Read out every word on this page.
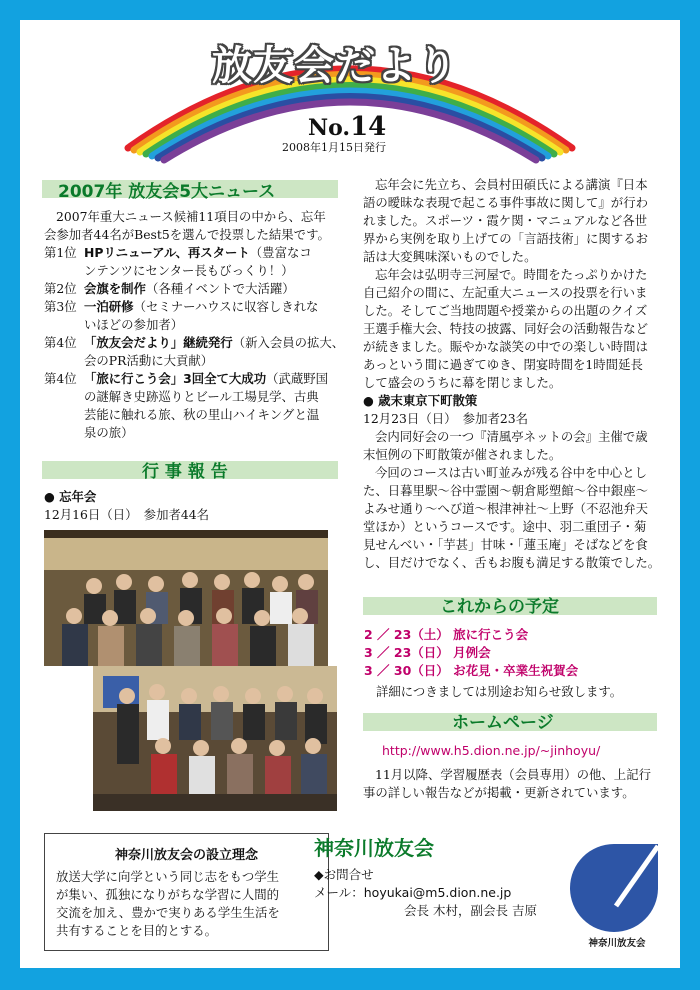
放友会だより
No.14
2008年1月15日発行
2007年 放友会5大ニュース
2007年重大ニュース候補11項目の中から、忘年
会参加者44名がBest5を選んで投票した結果です。
第1位 HPリニューアル、再スタート（豊富なコ
ンテンツにセンター長もびっくり！）
第2位 会旗を制作（各種イベントで大活躍）
第3位 一泊研修（セミナーハウスに収容しきれな
いほどの参加者）
第4位 「放友会だより」継続発行（新入会員の拡大、
会のPR活動に大貢献）
第4位 「旅に行こう会」3回全て大成功（武蔵野国
の謎解き史跡巡りとビール工場見学、古典
芸能に触れる旅、秋の里山ハイキングと温
泉の旅）
行 事 報 告
● 忘年会
12月16日（日）　参加者44名
忘年会に先立ち、会員村田碩氏による講演『日本
語の曖昧な表現で起こる事件事故に関して』が行わ
れました。スポーツ・霞ケ関・マニュアルなど各世
界から実例を取り上げての「言語技術」に関するお
話は大変興味深いものでした。
忘年会は弘明寺三河屋で。時間をたっぷりかけた
自己紹介の間に、左記重大ニュースの投票を行いま
した。そしてご当地問題や授業からの出題のクイズ
王選手権大会、特技の披露、同好会の活動報告など
が続きました。賑やかな談笑の中での楽しい時間は
あっという間に過ぎてゆき、閉宴時間を1時間延長
して盛会のうちに幕を閉じました。
● 歳末東京下町散策
12月23日（日）　参加者23名
会内同好会の一つ『清風亭ネットの会』主催で歳
末恒例の下町散策が催されました。
今回のコースは古い町並みが残る谷中を中心とし
た、日暮里駅〜谷中霊園〜朝倉彫塑館〜谷中銀座〜
よみせ通り〜へび道〜根津神社〜上野（不忍池弁天
堂ほか）というコースです。途中、羽二重団子・菊
見せんべい・「芋甚」甘味・「蓮玉庵」そばなどを食
し、目だけでなく、舌もお腹も満足する散策でした。
これからの予定
2 ／ 23（土） 旅に行こう会
3 ／ 23（日） 月例会
3 ／ 30（日） お花見・卒業生祝賀会
詳細につきましては別途お知らせ致します。
ホームページ
http://www.h5.dion.ne.jp/~jinhoyu/
11月以降、学習履歴表（会員専用）の他、上記行
事の詳しい報告などが掲載・更新されています。
神奈川放友会の設立理念
放送大学に向学という同じ志をもつ学生
が集い、孤独になりがちな学習に人間的
交流を加え、豊かで実りある学生生活を
共有することを目的とする。
神奈川放友会
◆お問合せ
メール：hoyukai@m5.dion.ne.jp
会長 木村，副会長 吉原
神奈川放友会
